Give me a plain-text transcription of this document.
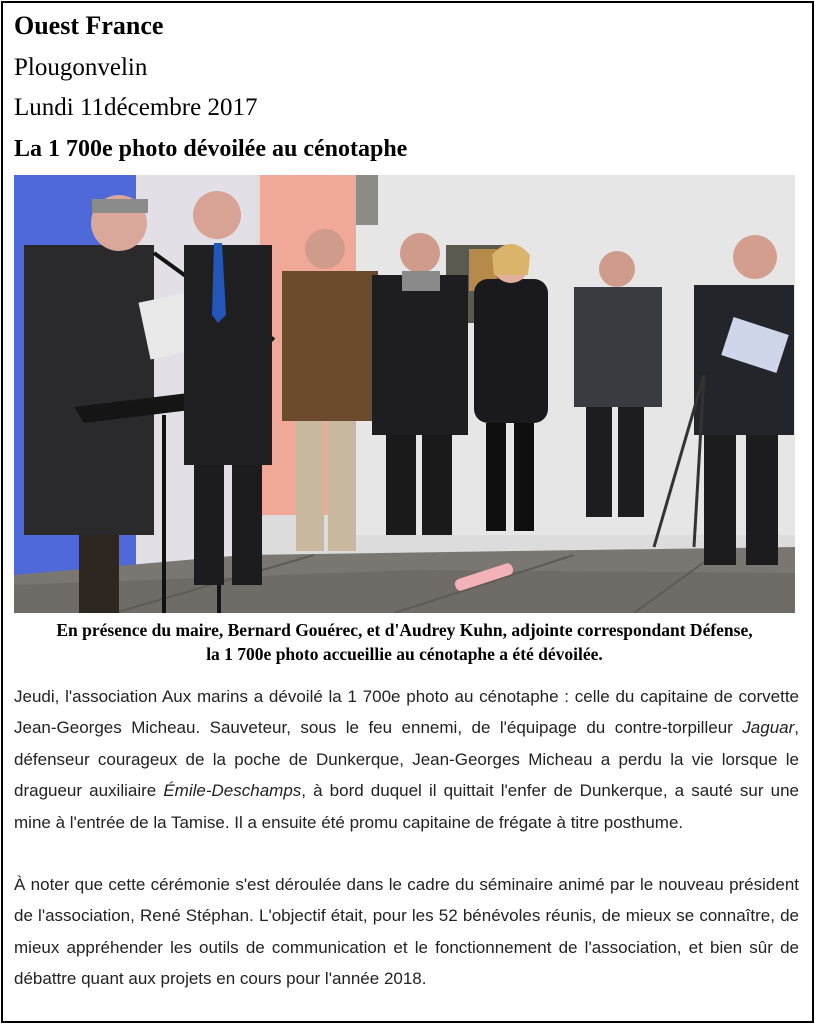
Ouest France
Plougonvelin
Lundi 11décembre 2017
La 1 700e photo dévoilée au cénotaphe
En présence du maire, Bernard Gouérec, et d'Audrey Kuhn, adjointe correspondant Défense,
la 1 700e photo accueillie au cénotaphe a été dévoilée.

Jeudi, l'association Aux marins a dévoilé la 1 700e photo au cénotaphe : celle du capitaine de corvette Jean-Georges Micheau. Sauveteur, sous le feu ennemi, de l'équipage du contre-torpilleur Jaguar, défenseur courageux de la poche de Dunkerque, Jean-Georges Micheau a perdu la vie lorsque le dragueur auxiliaire Émile-Deschamps, à bord duquel il quittait l'enfer de Dunkerque, a sauté sur une mine à l'entrée de la Tamise. Il a ensuite été promu capitaine de frégate à titre posthume.

À noter que cette cérémonie s'est déroulée dans le cadre du séminaire animé par le nouveau président de l'association, René Stéphan. L'objectif était, pour les 52 bénévoles réunis, de mieux se connaître, de mieux appréhender les outils de communication et le fonctionnement de l'association, et bien sûr de débattre quant aux projets en cours pour l'année 2018.
